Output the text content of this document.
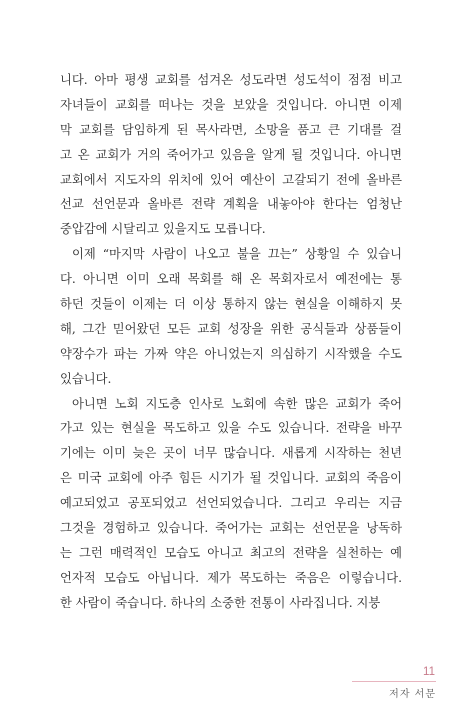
니다. 아마 평생 교회를 섬겨온 성도라면 성도석이 점점 비고
자녀들이 교회를 떠나는 것을 보았을 것입니다. 아니면 이제
막 교회를 담임하게 된 목사라면, 소망을 품고 큰 기대를 걸
고 온 교회가 거의 죽어가고 있음을 알게 될 것입니다. 아니면
교회에서 지도자의 위치에 있어 예산이 고갈되기 전에 올바른
선교 선언문과 올바른 전략 계획을 내놓아야 한다는 엄청난
중압감에 시달리고 있을지도 모릅니다.
이제 “마지막 사람이 나오고 불을 끄는” 상황일 수 있습니
다. 아니면 이미 오래 목회를 해 온 목회자로서 예전에는 통
하던 것들이 이제는 더 이상 통하지 않는 현실을 이해하지 못
해, 그간 믿어왔던 모든 교회 성장을 위한 공식들과 상품들이
약장수가 파는 가짜 약은 아니었는지 의심하기 시작했을 수도
있습니다.
아니면 노회 지도층 인사로 노회에 속한 많은 교회가 죽어
가고 있는 현실을 목도하고 있을 수도 있습니다. 전략을 바꾸
기에는 이미 늦은 곳이 너무 많습니다. 새롭게 시작하는 천년
은 미국 교회에 아주 힘든 시기가 될 것입니다. 교회의 죽음이
예고되었고 공포되었고 선언되었습니다. 그리고 우리는 지금
그것을 경험하고 있습니다. 죽어가는 교회는 선언문을 낭독하
는 그런 매력적인 모습도 아니고 최고의 전략을 실천하는 예
언자적 모습도 아닙니다. 제가 목도하는 죽음은 이렇습니다.
한 사람이 죽습니다. 하나의 소중한 전통이 사라집니다. 지붕
11
저자 서문
